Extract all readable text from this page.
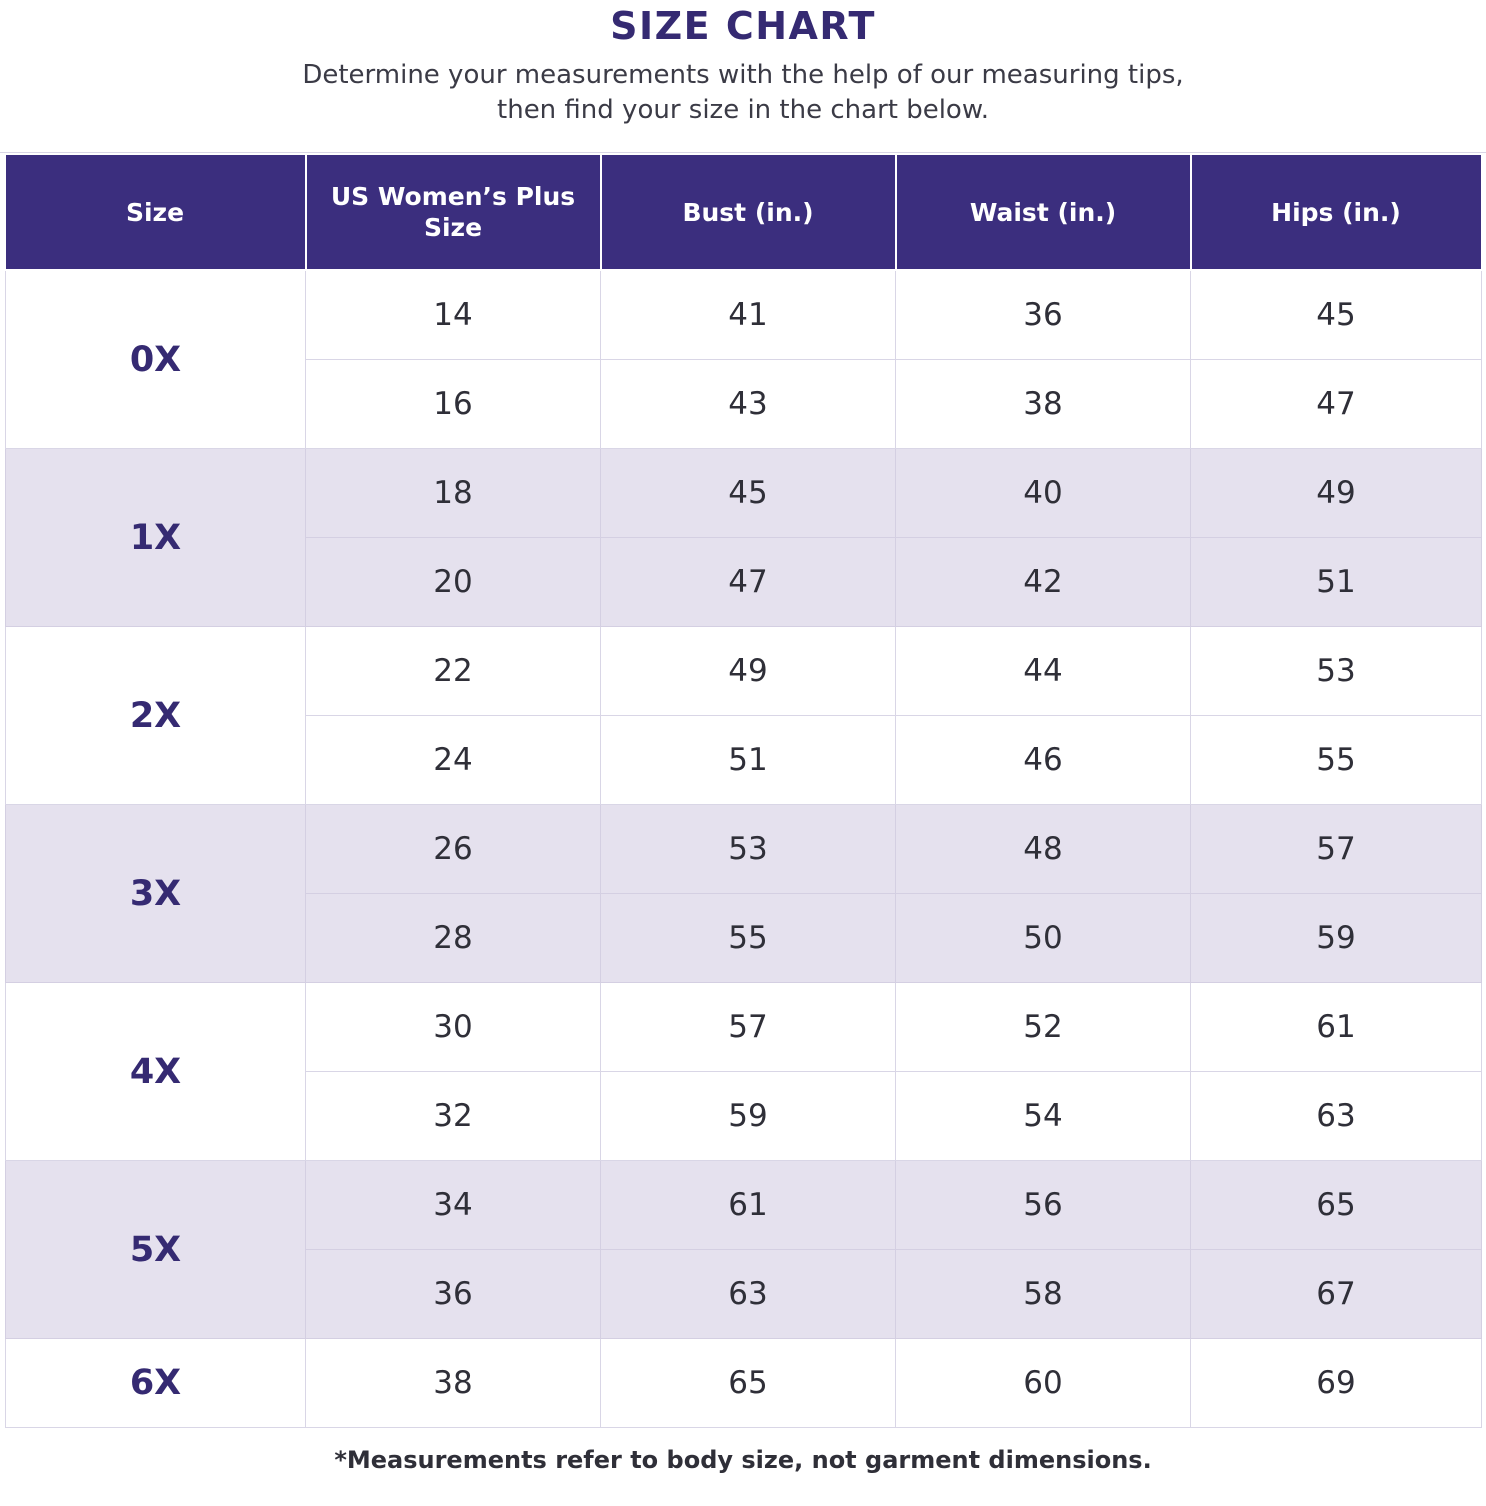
SIZE CHART
Determine your measurements with the help of our measuring tips,
then find your size in the chart below.
Size	US Women’s Plus Size	Bust (in.)	Waist (in.)	Hips (in.)
0X	14	41	36	45
	16	43	38	47
1X	18	45	40	49
	20	47	42	51
2X	22	49	44	53
	24	51	46	55
3X	26	53	48	57
	28	55	50	59
4X	30	57	52	61
	32	59	54	63
5X	34	61	56	65
	36	63	58	67
6X	38	65	60	69
*Measurements refer to body size, not garment dimensions.
